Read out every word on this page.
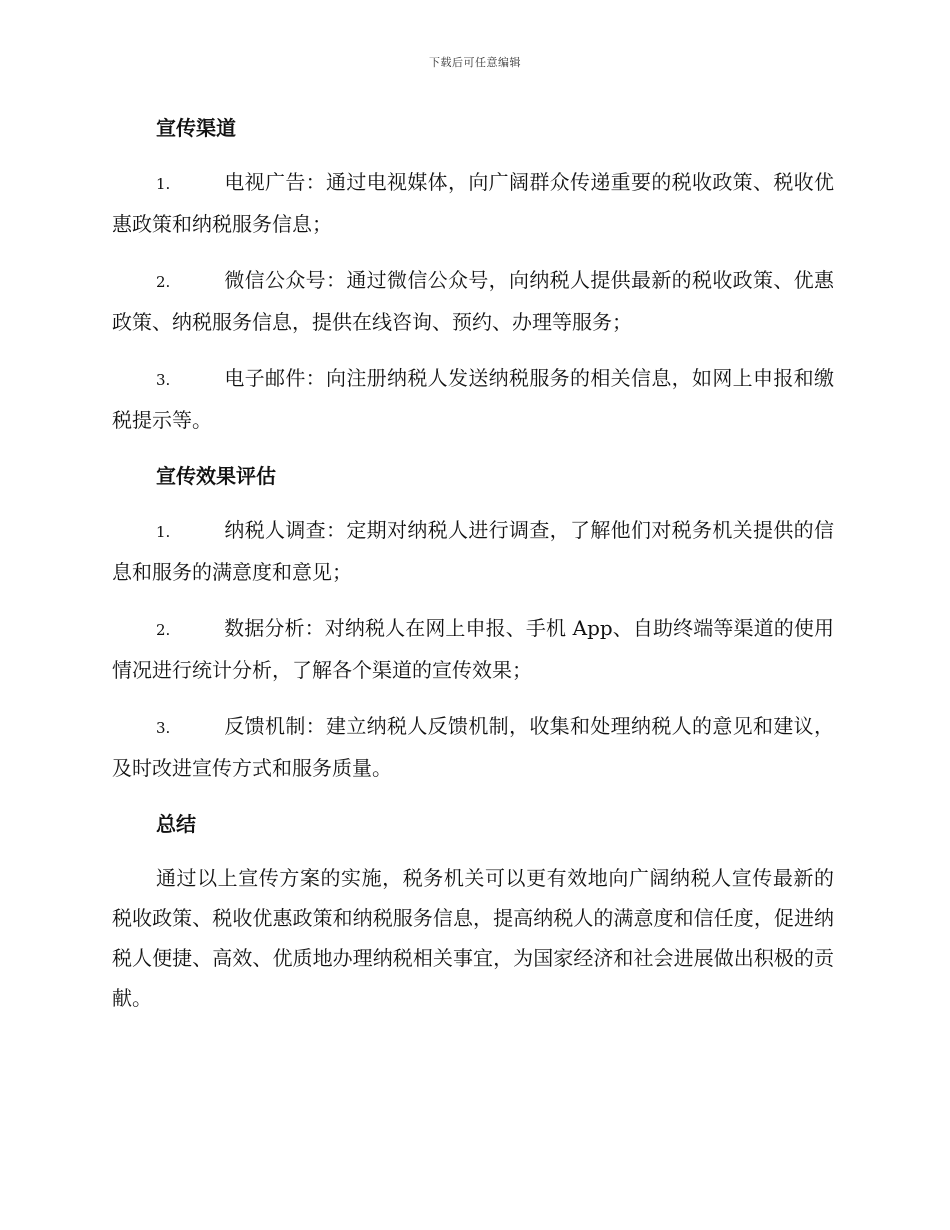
下载后可任意编辑
宣传渠道
1.	电视广告：通过电视媒体，向广阔群众传递重要的税收政策、税收优惠政策和纳税服务信息；
2.	微信公众号：通过微信公众号，向纳税人提供最新的税收政策、优惠政策、纳税服务信息，提供在线咨询、预约、办理等服务；
3.	电子邮件：向注册纳税人发送纳税服务的相关信息，如网上申报和缴税提示等。
宣传效果评估
1.	纳税人调查：定期对纳税人进行调查，了解他们对税务机关提供的信息和服务的满意度和意见；
2.	数据分析：对纳税人在网上申报、手机 App、自助终端等渠道的使用情况进行统计分析，了解各个渠道的宣传效果；
3.	反馈机制：建立纳税人反馈机制，收集和处理纳税人的意见和建议，及时改进宣传方式和服务质量。
总结

通过以上宣传方案的实施，税务机关可以更有效地向广阔纳税人宣传最新的税收政策、税收优惠政策和纳税服务信息，提高纳税人的满意度和信任度，促进纳税人便捷、高效、优质地办理纳税相关事宜，为国家经济和社会进展做出积极的贡献。
